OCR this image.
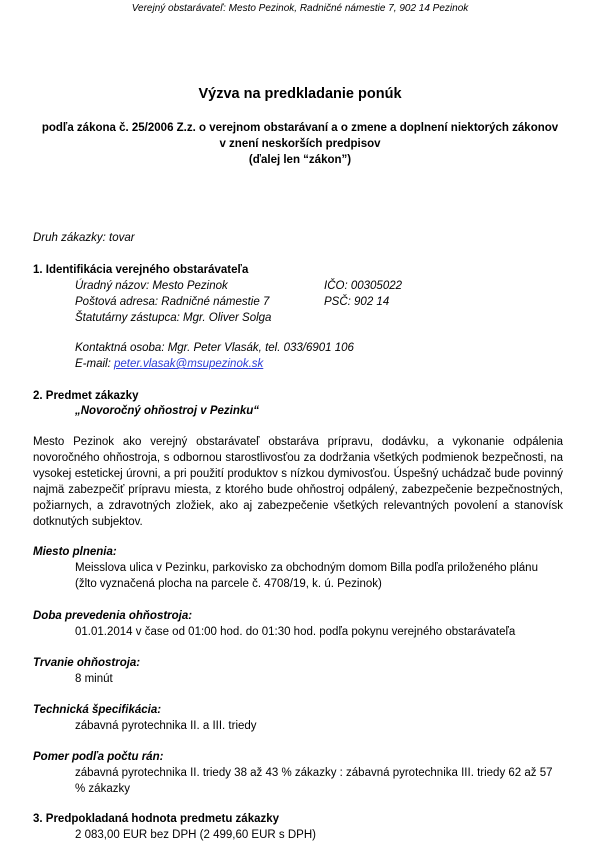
Verejný obstarávateľ: Mesto Pezinok, Radničné námestie 7, 902 14 Pezinok
Výzva na predkladanie ponúk
podľa zákona č. 25/2006 Z.z. o verejnom obstarávaní a o zmene a doplnení niektorých zákonov
v znení neskorších predpisov
(ďalej len “zákon”)
Druh zákazky: tovar
1. Identifikácia verejného obstarávateľa
Úradný názov: Mesto Pezinok	IČO: 00305022
Poštová adresa: Radničné námestie 7	PSČ: 902 14
Štatutárny zástupca: Mgr. Oliver Solga
Kontaktná osoba: Mgr. Peter Vlasák, tel. 033/6901 106
E-mail: peter.vlasak@msupezinok.sk
2. Predmet zákazky
„Novoročný ohňostroj v Pezinku“
Mesto Pezinok ako verejný obstarávateľ obstaráva prípravu, dodávku, a vykonanie odpálenia novoročného ohňostroja, s odbornou starostlivosťou za dodržania všetkých podmienok bezpečnosti, na vysokej estetickej úrovni, a pri použití produktov s nízkou dymivosťou. Úspešný uchádzač bude povinný najmä zabezpečiť prípravu miesta, z ktorého bude ohňostroj odpálený, zabezpečenie bezpečnostných, požiarnych, a zdravotných zložiek, ako aj zabezpečenie všetkých relevantných povolení a stanovísk dotknutých subjektov.
Miesto plnenia:
Meisslova ulica v Pezinku, parkovisko za obchodným domom Billa podľa priloženého plánu
(žlto vyznačená plocha na parcele č. 4708/19, k. ú. Pezinok)
Doba prevedenia ohňostroja:
01.01.2014 v čase od 01:00 hod. do 01:30 hod. podľa pokynu verejného obstarávateľa
Trvanie ohňostroja:
8 minút
Technická špecifikácia:
zábavná pyrotechnika II. a III. triedy
Pomer podľa počtu rán:
zábavná pyrotechnika II. triedy 38 až 43 % zákazky : zábavná pyrotechnika III. triedy 62 až 57
% zákazky
3. Predpokladaná hodnota predmetu zákazky
2 083,00 EUR bez DPH (2 499,60 EUR s DPH)
